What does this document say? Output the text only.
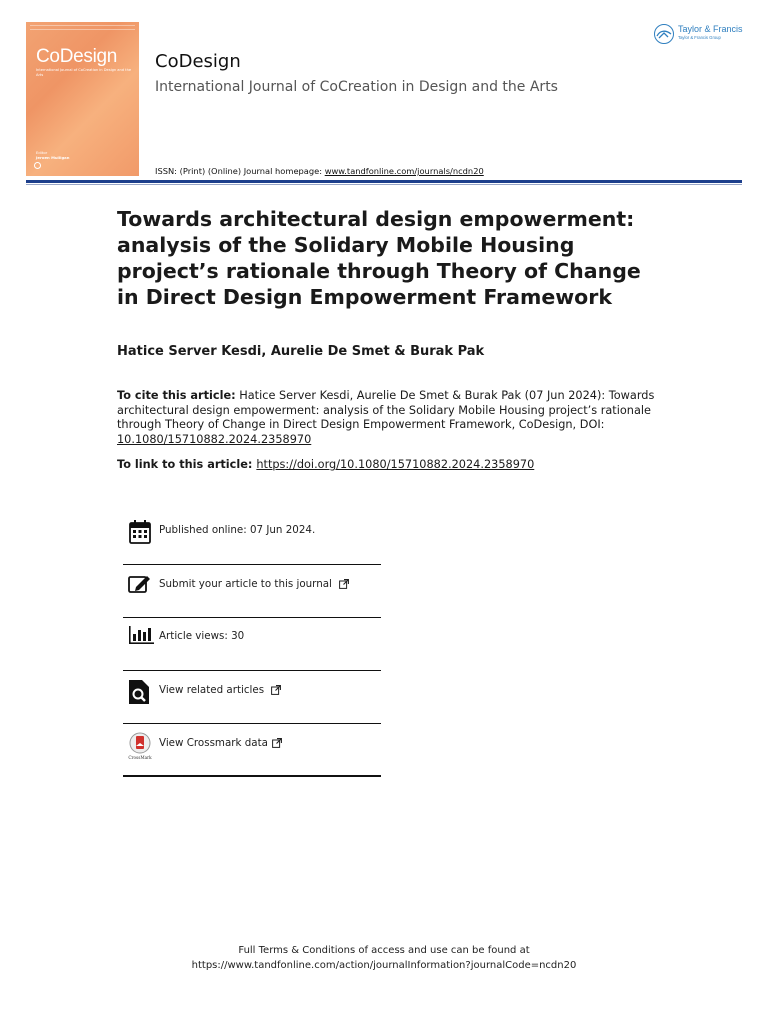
CoDesign
International Journal of CoCreation in Design and the Arts
Editor
Jeroen Mulligan
CoDesign
International Journal of CoCreation in Design and the Arts
ISSN: (Print) (Online) Journal homepage: www.tandfonline.com/journals/ncdn20
Taylor & Francis
Taylor & Francis Group
Towards architectural design empowerment: analysis of the Solidary Mobile Housing project’s rationale through Theory of Change in Direct Design Empowerment Framework
Hatice Server Kesdi, Aurelie De Smet & Burak Pak
To cite this article: Hatice Server Kesdi, Aurelie De Smet & Burak Pak (07 Jun 2024): Towards architectural design empowerment: analysis of the Solidary Mobile Housing project’s rationale through Theory of Change in Direct Design Empowerment Framework, CoDesign, DOI: 10.1080/15710882.2024.2358970
To link to this article: https://doi.org/10.1080/15710882.2024.2358970
Published online: 07 Jun 2024.
Submit your article to this journal
Article views: 30
View related articles
CrossMark
View Crossmark data
Full Terms & Conditions of access and use can be found at
https://www.tandfonline.com/action/journalInformation?journalCode=ncdn20
